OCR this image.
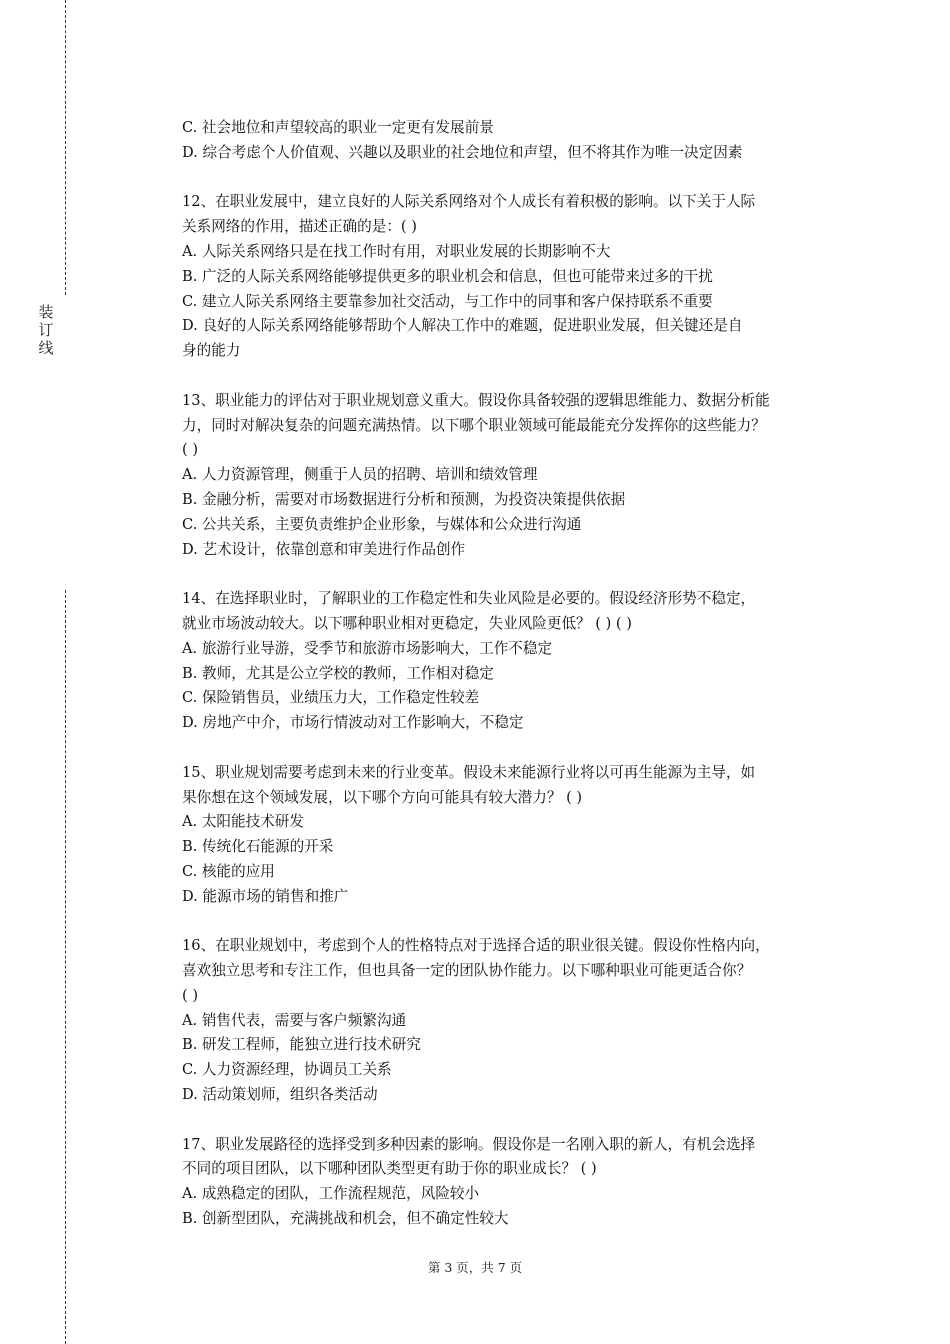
装
订
线

C. 社会地位和声望较高的职业一定更有发展前景

D. 综合考虑个人价值观、兴趣以及职业的社会地位和声望，但不将其作为唯一决定因素

12、在职业发展中，建立良好的人际关系网络对个人成长有着积极的影响。以下关于人际

关系网络的作用，描述正确的是：( )

A. 人际关系网络只是在找工作时有用，对职业发展的长期影响不大

B. 广泛的人际关系网络能够提供更多的职业机会和信息，但也可能带来过多的干扰

C. 建立人际关系网络主要靠参加社交活动，与工作中的同事和客户保持联系不重要

D. 良好的人际关系网络能够帮助个人解决工作中的难题，促进职业发展，但关键还是自

身的能力

13、职业能力的评估对于职业规划意义重大。假设你具备较强的逻辑思维能力、数据分析能

力，同时对解决复杂的问题充满热情。以下哪个职业领域可能最能充分发挥你的这些能力？

( )

A. 人力资源管理，侧重于人员的招聘、培训和绩效管理

B. 金融分析，需要对市场数据进行分析和预测，为投资决策提供依据

C. 公共关系，主要负责维护企业形象，与媒体和公众进行沟通

D. 艺术设计，依靠创意和审美进行作品创作

14、在选择职业时，了解职业的工作稳定性和失业风险是必要的。假设经济形势不稳定，

就业市场波动较大。以下哪种职业相对更稳定，失业风险更低？ ( ) ( )

A. 旅游行业导游，受季节和旅游市场影响大，工作不稳定

B. 教师，尤其是公立学校的教师，工作相对稳定

C. 保险销售员，业绩压力大，工作稳定性较差

D. 房地产中介，市场行情波动对工作影响大，不稳定

15、职业规划需要考虑到未来的行业变革。假设未来能源行业将以可再生能源为主导，如

果你想在这个领域发展，以下哪个方向可能具有较大潜力？ ( )

A. 太阳能技术研发

B. 传统化石能源的开采

C. 核能的应用

D. 能源市场的销售和推广

16、在职业规划中，考虑到个人的性格特点对于选择合适的职业很关键。假设你性格内向，

喜欢独立思考和专注工作，但也具备一定的团队协作能力。以下哪种职业可能更适合你？

( )

A. 销售代表，需要与客户频繁沟通

B. 研发工程师，能独立进行技术研究

C. 人力资源经理，协调员工关系

D. 活动策划师，组织各类活动

17、职业发展路径的选择受到多种因素的影响。假设你是一名刚入职的新人，有机会选择

不同的项目团队，以下哪种团队类型更有助于你的职业成长？ ( )

A. 成熟稳定的团队，工作流程规范，风险较小

B. 创新型团队，充满挑战和机会，但不确定性较大

第 3 页，共 7 页
